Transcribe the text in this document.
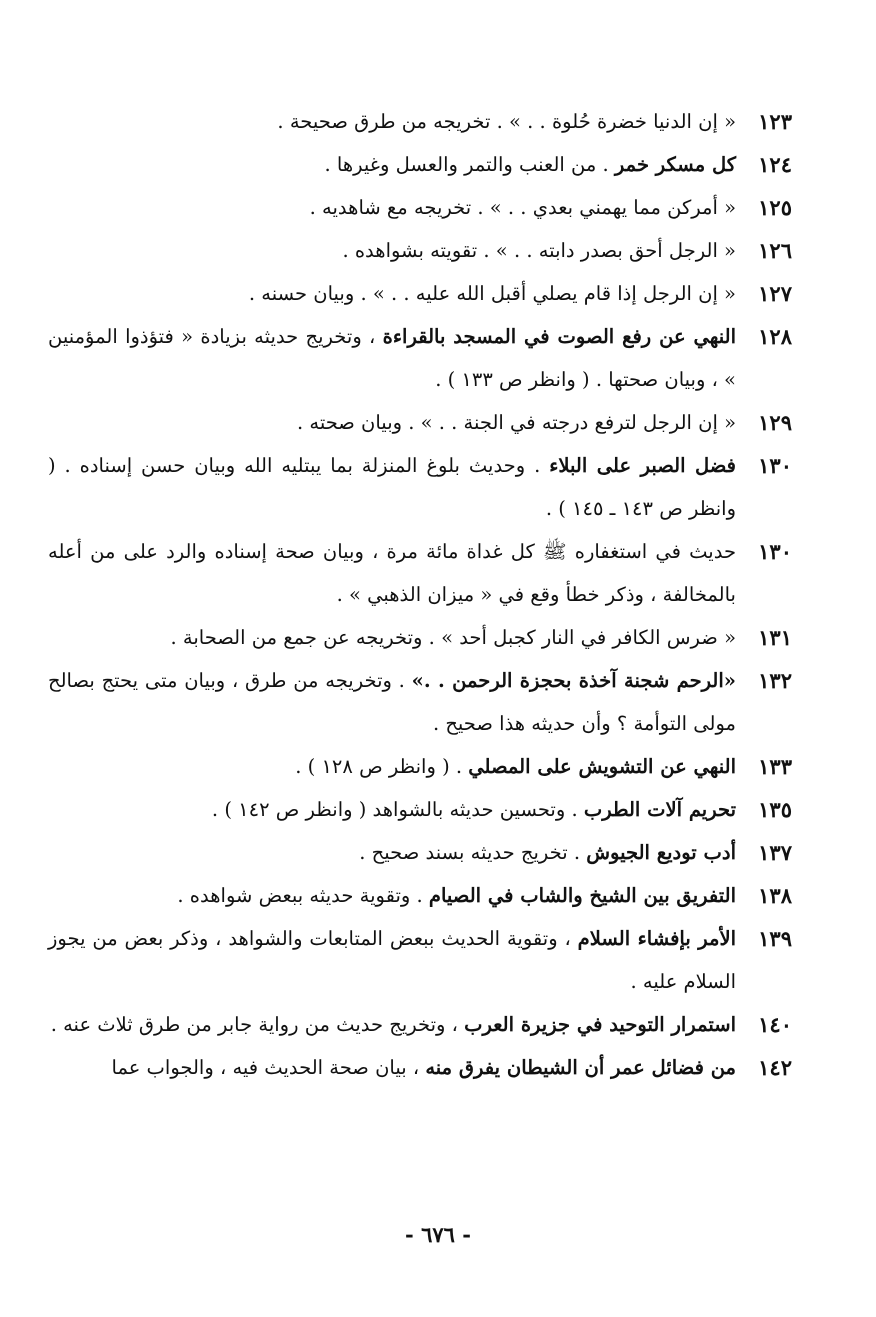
١٢٣
« إن الدنيا خضرة حُلوة . . » . تخريجه من طرق صحيحة .
١٢٤
كل مسكر خمر . من العنب والتمر والعسل وغيرها .
١٢٥
« أمركن مما يهمني بعدي . . » . تخريجه مع شاهديه .
١٢٦
« الرجل أحق بصدر دابته . . » . تقويته بشواهده .
١٢٧
« إن الرجل إذا قام يصلي أقبل الله عليه . . » . وبيان حسنه .
١٢٨
النهي عن رفع الصوت في المسجد بالقراءة ، وتخريج حديثه بزيادة « فتؤذوا المؤمنين » ، وبيان صحتها . ( وانظر ص ١٣٣ ) .
١٢٩
« إن الرجل لترفع درجته في الجنة . . » . وبيان صحته .
١٣٠
فضل الصبر على البلاء . وحديث بلوغ المنزلة بما يبتليه الله وبيان حسن إسناده . ( وانظر ص ١٤٣ ـ ١٤٥ ) .
١٣٠
حديث في استغفاره ﷺ كل غداة مائة مرة ، وبيان صحة إسناده والرد على من أعله بالمخالفة ، وذكر خطأ وقع في « ميزان الذهبي » .
١٣١
« ضرس الكافر في النار كجبل أحد » . وتخريجه عن جمع من الصحابة .
١٣٢
«الرحم شجنة آخذة بحجزة الرحمن . .» . وتخريجه من طرق ، وبيان متى يحتج بصالح مولى التوأمة ؟ وأن حديثه هذا صحيح .
١٣٣
النهي عن التشويش على المصلي . ( وانظر ص ١٢٨ ) .
١٣٥
تحريم آلات الطرب . وتحسين حديثه بالشواهد ( وانظر ص ١٤٢ ) .
١٣٧
أدب توديع الجيوش . تخريج حديثه بسند صحيح .
١٣٨
التفريق بين الشيخ والشاب في الصيام . وتقوية حديثه ببعض شواهده .
١٣٩
الأمر بإفشاء السلام ، وتقوية الحديث ببعض المتابعات والشواهد ، وذكر بعض من يجوز السلام عليه .
١٤٠
استمرار التوحيد في جزيرة العرب ، وتخريج حديث من رواية جابر من طرق ثلاث عنه .
١٤٢
من فضائل عمر أن الشيطان يفرق منه ، بيان صحة الحديث فيه ، والجواب عما
- ٦٧٦ -
